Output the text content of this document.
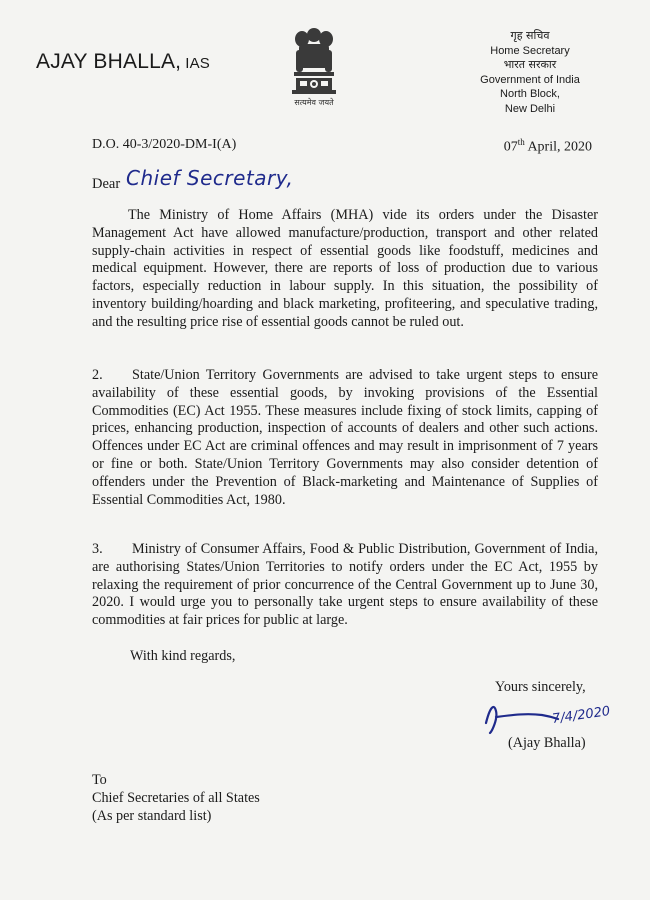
AJAY BHALLA, IAS
सत्यमेव जयते
गृह सचिव
Home Secretary
भारत सरकार
Government of India
North Block,
New Delhi
D.O. 40-3/2020-DM-I(A)	07th April, 2020
Dear Chief Secretary,
The Ministry of Home Affairs (MHA) vide its orders under the Disaster Management Act have allowed manufacture/production, transport and other related supply-chain activities in respect of essential goods like foodstuff, medicines and medical equipment. However, there are reports of loss of production due to various factors, especially reduction in labour supply. In this situation, the possibility of inventory building/hoarding and black marketing, profiteering, and speculative trading, and the resulting price rise of essential goods cannot be ruled out.
2. State/Union Territory Governments are advised to take urgent steps to ensure availability of these essential goods, by invoking provisions of the Essential Commodities (EC) Act 1955. These measures include fixing of stock limits, capping of prices, enhancing production, inspection of accounts of dealers and other such actions. Offences under EC Act are criminal offences and may result in imprisonment of 7 years or fine or both. State/Union Territory Governments may also consider detention of offenders under the Prevention of Black-marketing and Maintenance of Supplies of Essential Commodities Act, 1980.
3. Ministry of Consumer Affairs, Food & Public Distribution, Government of India, are authorising States/Union Territories to notify orders under the EC Act, 1955 by relaxing the requirement of prior concurrence of the Central Government up to June 30, 2020. I would urge you to personally take urgent steps to ensure availability of these commodities at fair prices for public at large.
With kind regards,
Yours sincerely,
7/4/2020
(Ajay Bhalla)
To
Chief Secretaries of all States
(As per standard list)
